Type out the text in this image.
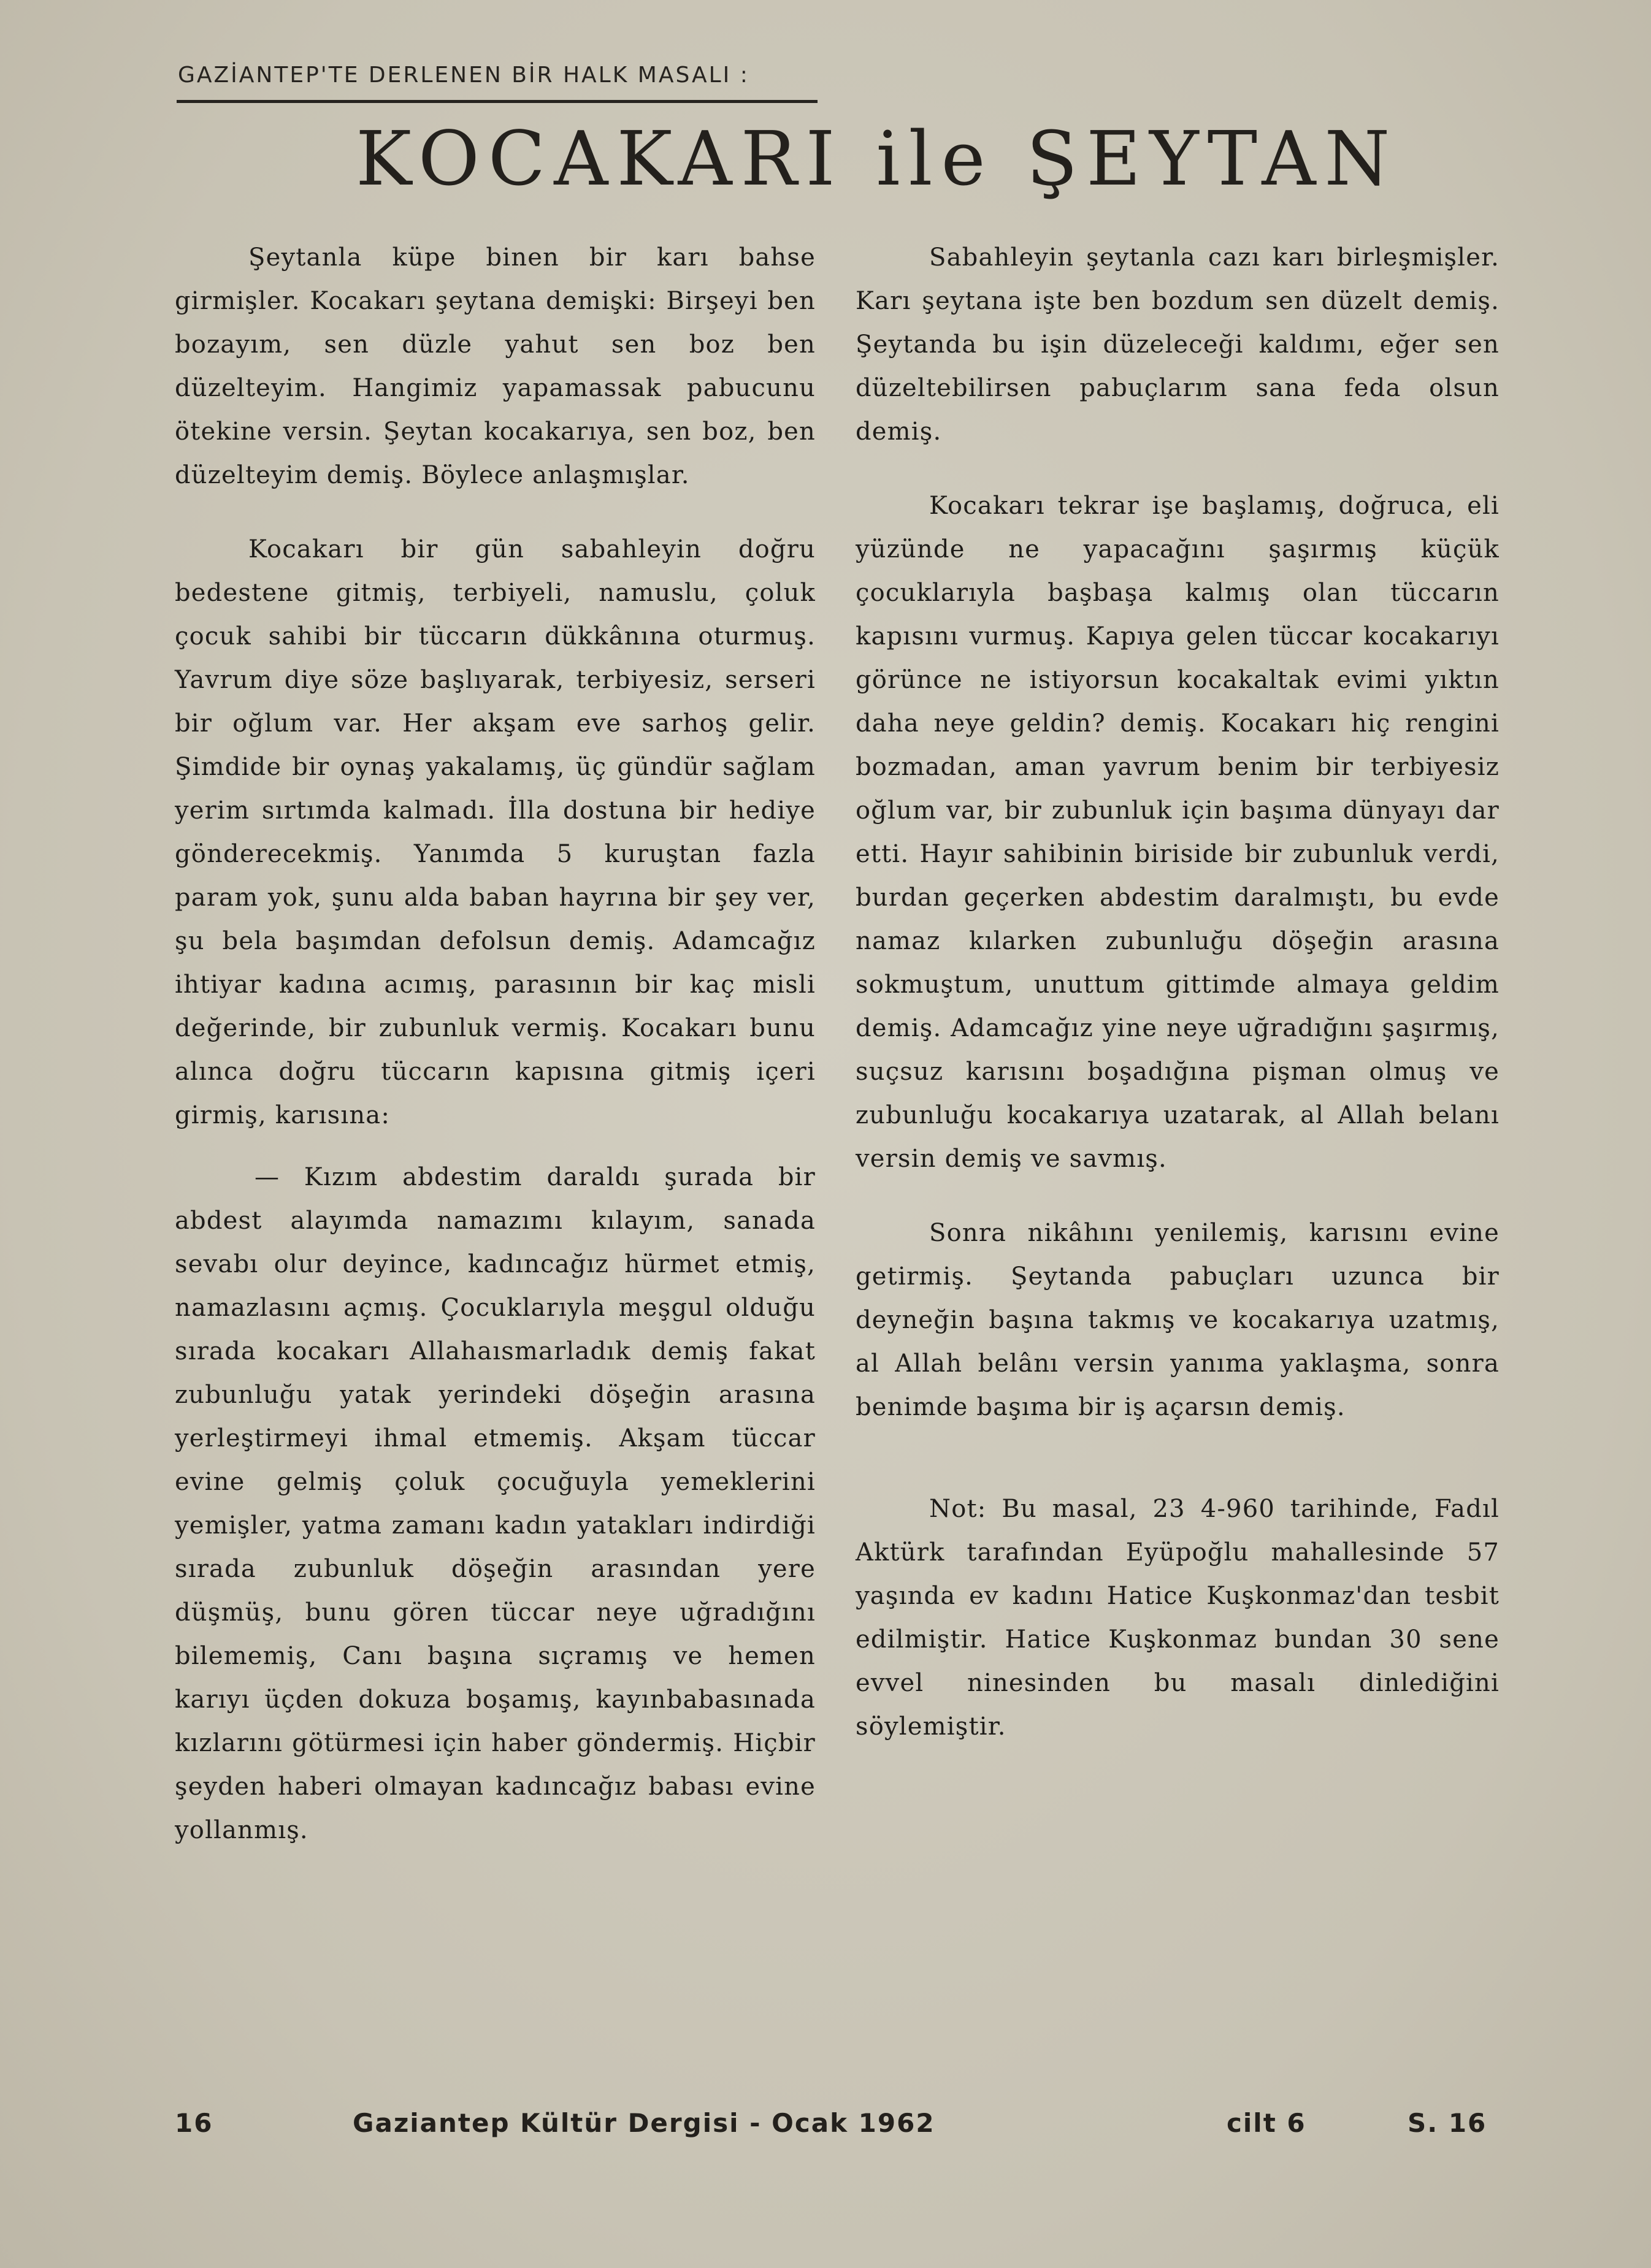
GAZİANTEP'TE DERLENEN BİR HALK MASALI :
KOCAKARI ile ŞEYTAN

Şeytanla küpe binen bir karı bahse girmişler. Kocakarı şeytana demişki: Birşeyi ben bozayım, sen düzle yahut sen boz ben düzelteyim. Hangimiz yapamassak pabucunu ötekine versin. Şeytan kocakarıya, sen boz, ben düzelteyim demiş. Böylece anlaşmışlar.

Kocakarı bir gün sabahleyin doğru bedestene gitmiş, terbiyeli, namuslu, çoluk çocuk sahibi bir tüccarın dükkânına oturmuş. Yavrum diye söze başlıyarak, terbiyesiz, serseri bir oğlum var. Her akşam eve sarhoş gelir. Şimdide bir oynaş yakalamış, üç gündür sağlam yerim sırtımda kalmadı. İlla dostuna bir hediye gönderecekmiş. Yanımda 5 kuruştan fazla param yok, şunu alda baban hayrına bir şey ver, şu bela başımdan defolsun demiş. Adamcağız ihtiyar kadına acımış, parasının bir kaç misli değerinde, bir zubunluk vermiş. Kocakarı bunu alınca doğru tüccarın kapısına gitmiş içeri girmiş, karısına:

— Kızım abdestim daraldı şurada bir abdest alayımda namazımı kılayım, sanada sevabı olur deyince, kadıncağız hürmet etmiş, namazlasını açmış. Çocuklarıyla meşgul olduğu sırada kocakarı Allahaısmarladık demiş fakat zubunluğu yatak yerindeki döşeğin arasına yerleştirmeyi ihmal etmemiş. Akşam tüccar evine gelmiş çoluk çocuğuyla yemeklerini yemişler, yatma zamanı kadın yatakları indirdiği sırada zubunluk döşeğin arasından yere düşmüş, bunu gören tüccar neye uğradığını bilememiş, Canı başına sıçramış ve hemen karıyı üçden dokuza boşamış, kayınbabasınada kızlarını götürmesi için haber göndermiş. Hiçbir şeyden haberi olmayan kadıncağız babası evine yollanmış.

Sabahleyin şeytanla cazı karı birleşmişler. Karı şeytana işte ben bozdum sen düzelt demiş. Şeytanda bu işin düzeleceği kaldımı, eğer sen düzeltebilirsen pabuçlarım sana feda olsun demiş.

Kocakarı tekrar işe başlamış, doğruca, eli yüzünde ne yapacağını şaşırmış küçük çocuklarıyla başbaşa kalmış olan tüccarın kapısını vurmuş. Kapıya gelen tüccar kocakarıyı görünce ne istiyorsun kocakaltak evimi yıktın daha neye geldin? demiş. Kocakarı hiç rengini bozmadan, aman yavrum benim bir terbiyesiz oğlum var, bir zubunluk için başıma dünyayı dar etti. Hayır sahibinin biriside bir zubunluk verdi, burdan geçerken abdestim daralmıştı, bu evde namaz kılarken zubunluğu döşeğin arasına sokmuştum, unuttum gittimde almaya geldim demiş. Adamcağız yine neye uğradığını şaşırmış, suçsuz karısını boşadığına pişman olmuş ve zubunluğu kocakarıya uzatarak, al Allah belanı versin demiş ve savmış.

Sonra nikâhını yenilemiş, karısını evine getirmiş. Şeytanda pabuçları uzunca bir deyneğin başına takmış ve kocakarıya uzatmış, al Allah belânı versin yanıma yaklaşma, sonra benimde başıma bir iş açarsın demiş.

Not: Bu masal, 23 4-960 tarihinde, Fadıl Aktürk tarafından Eyüpoğlu mahallesinde 57 yaşında ev kadını Hatice Kuşkonmaz'dan tesbit edilmiştir. Hatice Kuşkonmaz bundan 30 sene evvel ninesinden bu masalı dinlediğini söylemiştir.

16	Gaziantep Kültür Dergisi - Ocak 1962	cilt 6	S. 16
